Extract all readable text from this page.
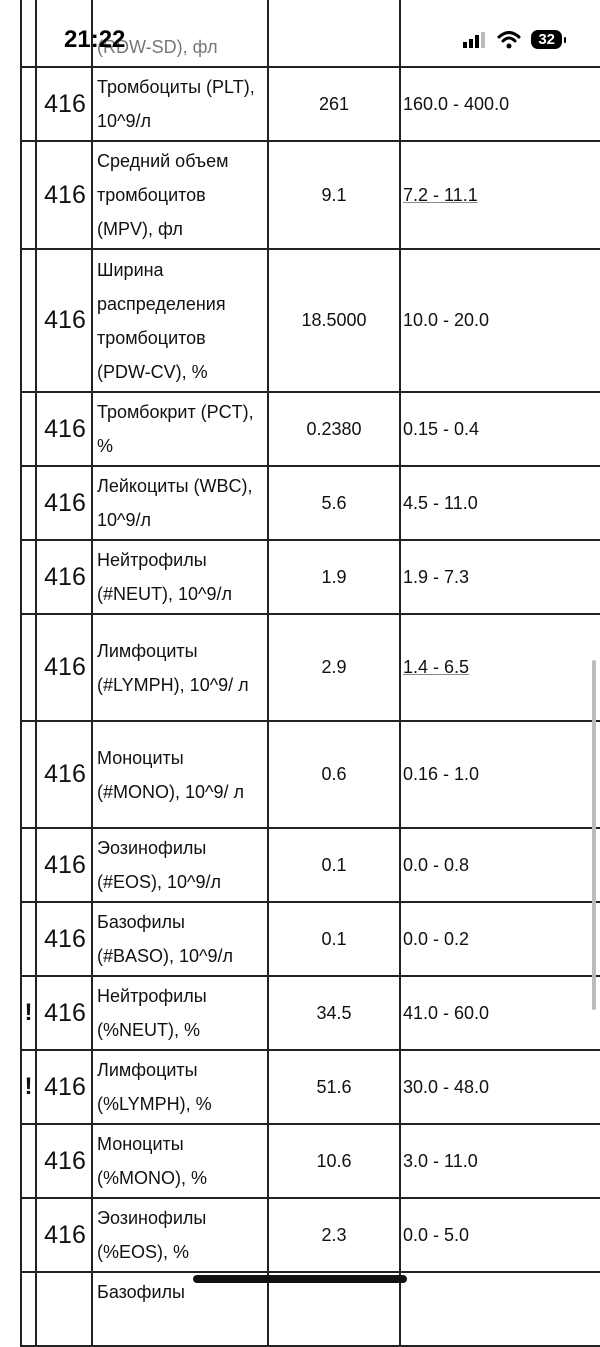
		(RDW-SD), фл		
	416	Тромбоциты (PLT), 10^9/л	261	160.0 - 400.0
	416	Средний объем тромбоцитов (MPV), фл	9.1	7.2 - 11.1
	416	Ширина распределения тромбоцитов (PDW-CV), %	18.5000	10.0 - 20.0
	416	Тромбокрит (PCT), %	0.2380	0.15 - 0.4
	416	Лейкоциты (WBC), 10^9/л	5.6	4.5 - 11.0
	416	Нейтрофилы (#NEUT), 10^9/л	1.9	1.9 - 7.3
	416	Лимфоциты (#LYMPH), 10^9/ л	2.9	1.4 - 6.5
	416	Моноциты (#MONO), 10^9/ л	0.6	0.16 - 1.0
	416	Эозинофилы (#EOS), 10^9/л	0.1	0.0 - 0.8
	416	Базофилы (#BASO), 10^9/л	0.1	0.0 - 0.2
!	416	Нейтрофилы (%NEUT), %	34.5	41.0 - 60.0
!	416	Лимфоциты (%LYMPH), %	51.6	30.0 - 48.0
	416	Моноциты (%MONO), %	10.6	3.0 - 11.0
	416	Эозинофилы (%EOS), %	2.3	0.0 - 5.0
		Базофилы		
21:22	32
